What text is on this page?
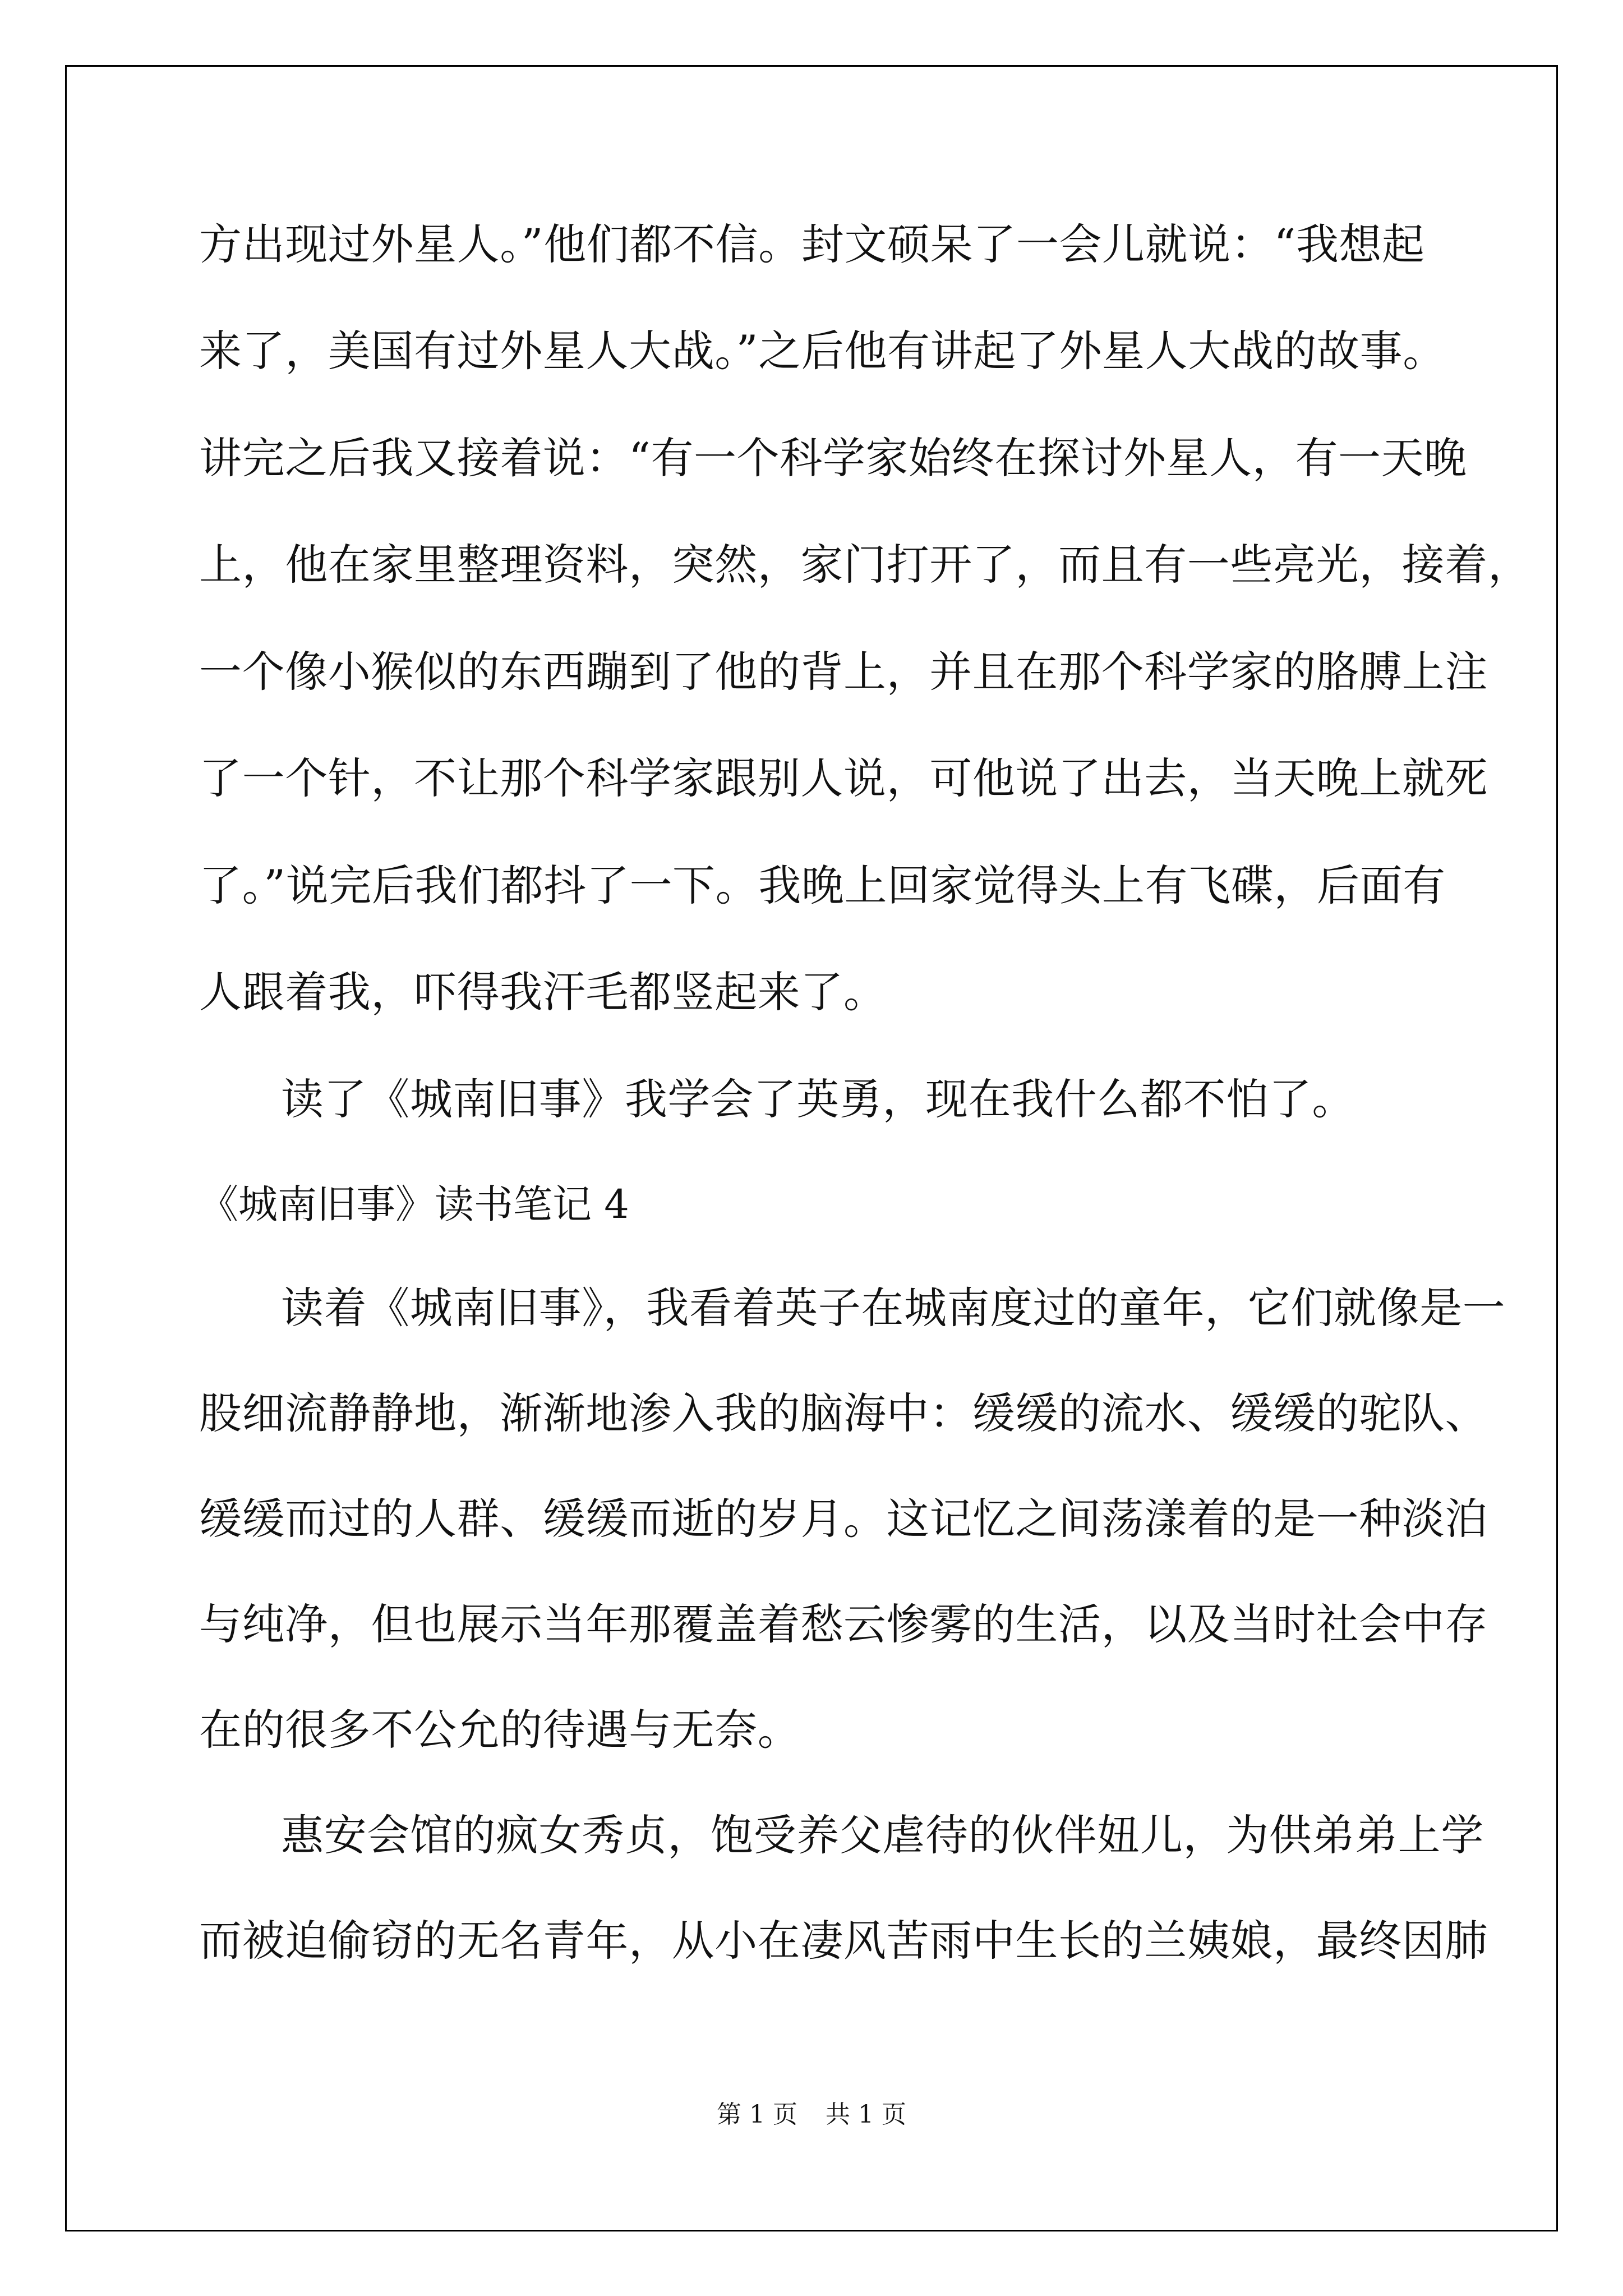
方出现过外星人。”他们都不信。封文硕呆了一会儿就说：“我想起
来了，美国有过外星人大战。”之后他有讲起了外星人大战的故事。
讲完之后我又接着说：“有一个科学家始终在探讨外星人，有一天晚
上，他在家里整理资料，突然，家门打开了，而且有一些亮光，接着，
一个像小猴似的东西蹦到了他的背上，并且在那个科学家的胳膊上注
了一个针，不让那个科学家跟别人说，可他说了出去，当天晚上就死
了。”说完后我们都抖了一下。我晚上回家觉得头上有飞碟，后面有
人跟着我，吓得我汗毛都竖起来了。
读了《城南旧事》我学会了英勇，现在我什么都不怕了。
《城南旧事》读书笔记 4
读着《城南旧事》，我看着英子在城南度过的童年，它们就像是一
股细流静静地，渐渐地渗入我的脑海中：缓缓的流水、缓缓的驼队、
缓缓而过的人群、缓缓而逝的岁月。这记忆之间荡漾着的是一种淡泊
与纯净，但也展示当年那覆盖着愁云惨雾的生活，以及当时社会中存
在的很多不公允的待遇与无奈。
惠安会馆的疯女秀贞，饱受养父虐待的伙伴妞儿，为供弟弟上学
而被迫偷窃的无名青年，从小在凄风苦雨中生长的兰姨娘，最终因肺
第 1 页 共 1 页
